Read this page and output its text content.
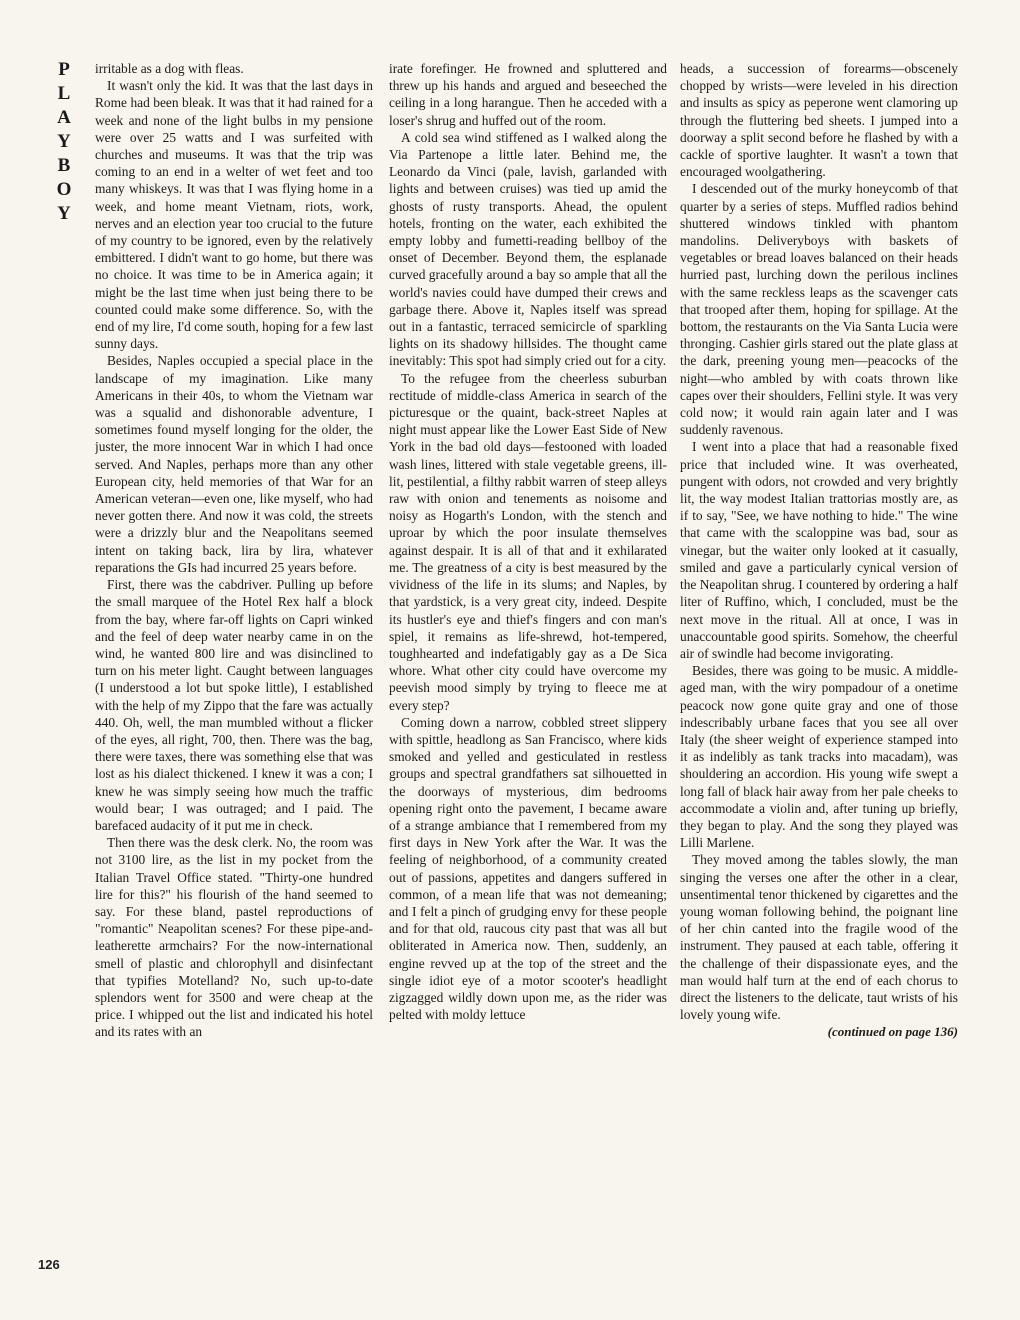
P
L
A
Y
B
O
Y

irritable as a dog with fleas.

It wasn't only the kid. It was that the last days in Rome had been bleak. It was that it had rained for a week and none of the light bulbs in my pensione were over 25 watts and I was surfeited with churches and museums. It was that the trip was coming to an end in a welter of wet feet and too many whiskeys. It was that I was flying home in a week, and home meant Vietnam, riots, work, nerves and an election year too crucial to the future of my country to be ignored, even by the relatively embittered. I didn't want to go home, but there was no choice. It was time to be in America again; it might be the last time when just being there to be counted could make some difference. So, with the end of my lire, I'd come south, hoping for a few last sunny days.

Besides, Naples occupied a special place in the landscape of my imagination. Like many Americans in their 40s, to whom the Vietnam war was a squalid and dishonorable adventure, I sometimes found myself longing for the older, the juster, the more innocent War in which I had once served. And Naples, perhaps more than any other European city, held memories of that War for an American veteran—even one, like myself, who had never gotten there. And now it was cold, the streets were a drizzly blur and the Neapolitans seemed intent on taking back, lira by lira, whatever reparations the GIs had incurred 25 years before.

First, there was the cabdriver. Pulling up before the small marquee of the Hotel Rex half a block from the bay, where far-off lights on Capri winked and the feel of deep water nearby came in on the wind, he wanted 800 lire and was disinclined to turn on his meter light. Caught between languages (I understood a lot but spoke little), I established with the help of my Zippo that the fare was actually 440. Oh, well, the man mumbled without a flicker of the eyes, all right, 700, then. There was the bag, there were taxes, there was something else that was lost as his dialect thickened. I knew it was a con; I knew he was simply seeing how much the traffic would bear; I was outraged; and I paid. The barefaced audacity of it put me in check.

Then there was the desk clerk. No, the room was not 3100 lire, as the list in my pocket from the Italian Travel Office stated. "Thirty-one hundred lire for this?" his flourish of the hand seemed to say. For these bland, pastel reproductions of "romantic" Neapolitan scenes? For these pipe-and-leatherette armchairs? For the now-international smell of plastic and chlorophyll and disinfectant that typifies Motelland? No, such up-to-date splendors went for 3500 and were cheap at the price. I whipped out the list and indicated his hotel and its rates with an

irate forefinger. He frowned and spluttered and threw up his hands and argued and beseeched the ceiling in a long harangue. Then he acceded with a loser's shrug and huffed out of the room.

A cold sea wind stiffened as I walked along the Via Partenope a little later. Behind me, the Leonardo da Vinci (pale, lavish, garlanded with lights and between cruises) was tied up amid the ghosts of rusty transports. Ahead, the opulent hotels, fronting on the water, each exhibited the empty lobby and fumetti-reading bellboy of the onset of December. Beyond them, the esplanade curved gracefully around a bay so ample that all the world's navies could have dumped their crews and garbage there. Above it, Naples itself was spread out in a fantastic, terraced semicircle of sparkling lights on its shadowy hillsides. The thought came inevitably: This spot had simply cried out for a city.

To the refugee from the cheerless suburban rectitude of middle-class America in search of the picturesque or the quaint, back-street Naples at night must appear like the Lower East Side of New York in the bad old days—festooned with loaded wash lines, littered with stale vegetable greens, ill-lit, pestilential, a filthy rabbit warren of steep alleys raw with onion and tenements as noisome and noisy as Hogarth's London, with the stench and uproar by which the poor insulate themselves against despair. It is all of that and it exhilarated me. The greatness of a city is best measured by the vividness of the life in its slums; and Naples, by that yardstick, is a very great city, indeed. Despite its hustler's eye and thief's fingers and con man's spiel, it remains as life-shrewd, hot-tempered, toughhearted and indefatigably gay as a De Sica whore. What other city could have overcome my peevish mood simply by trying to fleece me at every step?

Coming down a narrow, cobbled street slippery with spittle, headlong as San Francisco, where kids smoked and yelled and gesticulated in restless groups and spectral grandfathers sat silhouetted in the doorways of mysterious, dim bedrooms opening right onto the pavement, I became aware of a strange ambiance that I remembered from my first days in New York after the War. It was the feeling of neighborhood, of a community created out of passions, appetites and dangers suffered in common, of a mean life that was not demeaning; and I felt a pinch of grudging envy for these people and for that old, raucous city past that was all but obliterated in America now. Then, suddenly, an engine revved up at the top of the street and the single idiot eye of a motor scooter's headlight zigzagged wildly down upon me, as the rider was pelted with moldy lettuce

heads, a succession of forearms—obscenely chopped by wrists—were leveled in his direction and insults as spicy as peperone went clamoring up through the fluttering bed sheets. I jumped into a doorway a split second before he flashed by with a cackle of sportive laughter. It wasn't a town that encouraged woolgathering.

I descended out of the murky honeycomb of that quarter by a series of steps. Muffled radios behind shuttered windows tinkled with phantom mandolins. Deliveryboys with baskets of vegetables or bread loaves balanced on their heads hurried past, lurching down the perilous inclines with the same reckless leaps as the scavenger cats that trooped after them, hoping for spillage. At the bottom, the restaurants on the Via Santa Lucia were thronging. Cashier girls stared out the plate glass at the dark, preening young men—peacocks of the night—who ambled by with coats thrown like capes over their shoulders, Fellini style. It was very cold now; it would rain again later and I was suddenly ravenous.

I went into a place that had a reasonable fixed price that included wine. It was overheated, pungent with odors, not crowded and very brightly lit, the way modest Italian trattorias mostly are, as if to say, "See, we have nothing to hide." The wine that came with the scaloppine was bad, sour as vinegar, but the waiter only looked at it casually, smiled and gave a particularly cynical version of the Neapolitan shrug. I countered by ordering a half liter of Ruffino, which, I concluded, must be the next move in the ritual. All at once, I was in unaccountable good spirits. Somehow, the cheerful air of swindle had become invigorating.

Besides, there was going to be music. A middle-aged man, with the wiry pompadour of a onetime peacock now gone quite gray and one of those indescribably urbane faces that you see all over Italy (the sheer weight of experience stamped into it as indelibly as tank tracks into macadam), was shouldering an accordion. His young wife swept a long fall of black hair away from her pale cheeks to accommodate a violin and, after tuning up briefly, they began to play. And the song they played was Lilli Marlene.

They moved among the tables slowly, the man singing the verses one after the other in a clear, unsentimental tenor thickened by cigarettes and the young woman following behind, the poignant line of her chin canted into the fragile wood of the instrument. They paused at each table, offering it the challenge of their dispassionate eyes, and the man would half turn at the end of each chorus to direct the listeners to the delicate, taut wrists of his lovely young wife.

(continued on page 136)
126
